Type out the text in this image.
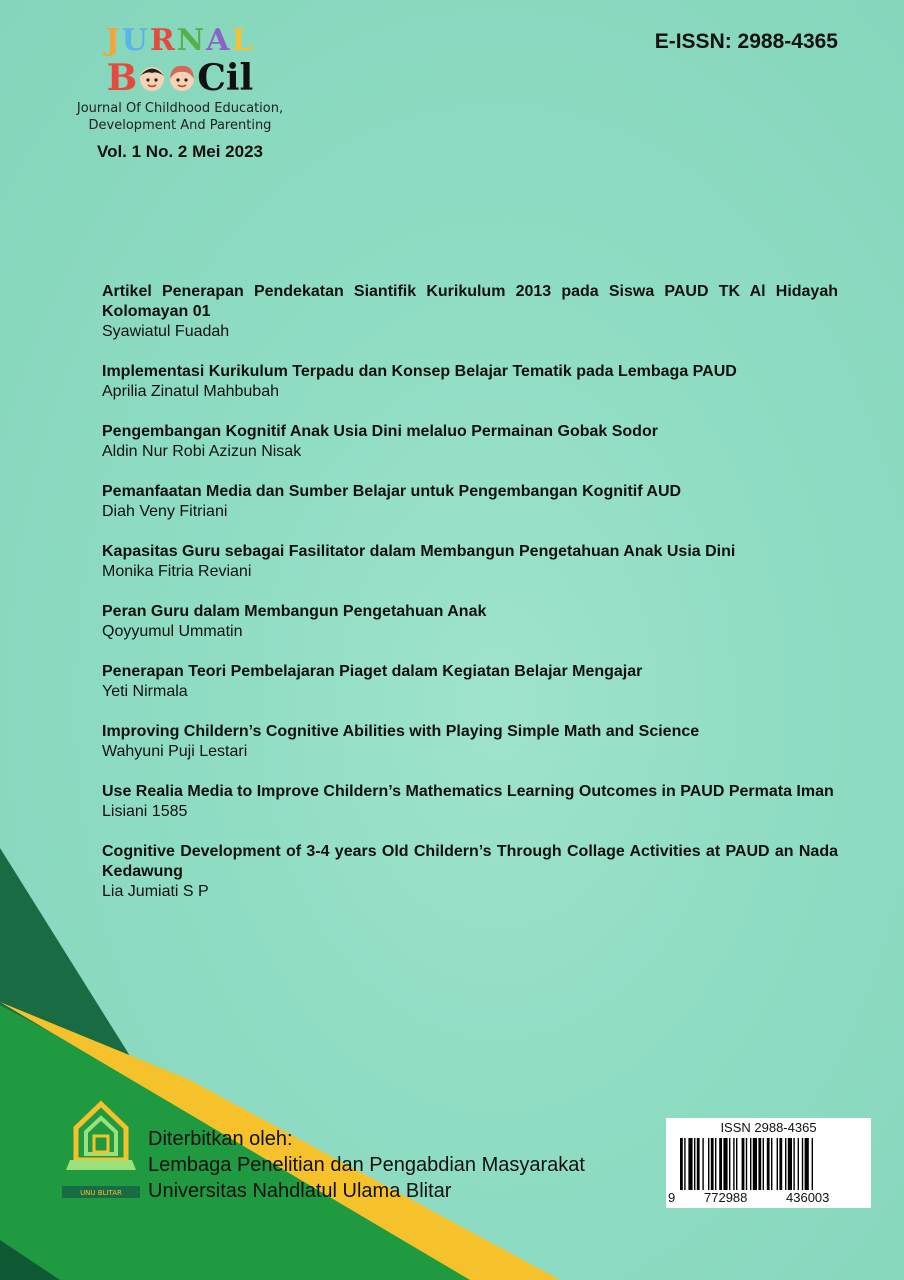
JURNAL
B Cil
Journal Of Childhood Education,
Development And Parenting
Vol. 1 No. 2 Mei 2023
E-ISSN: 2988-4365
Artikel Penerapan Pendekatan Siantifik Kurikulum 2013 pada Siswa PAUD TK Al Hidayah Kolomayan 01
Syawiatul Fuadah
Implementasi Kurikulum Terpadu dan Konsep Belajar Tematik pada Lembaga PAUD
Aprilia Zinatul Mahbubah
Pengembangan Kognitif Anak Usia Dini melaluo Permainan Gobak Sodor
Aldin Nur Robi Azizun Nisak
Pemanfaatan Media dan Sumber Belajar untuk Pengembangan Kognitif AUD
Diah Veny Fitriani
Kapasitas Guru sebagai Fasilitator dalam Membangun Pengetahuan Anak Usia Dini
Monika Fitria Reviani
Peran Guru dalam Membangun Pengetahuan Anak
Qoyyumul Ummatin
Penerapan Teori Pembelajaran Piaget dalam Kegiatan Belajar Mengajar
Yeti Nirmala
Improving Childern’s Cognitive Abilities with Playing Simple Math and Science
Wahyuni Puji Lestari
Use Realia Media to Improve Childern’s Mathematics Learning Outcomes in PAUD Permata Iman
Lisiani 1585
Cognitive Development of 3-4 years Old Childern’s Through Collage Activities at PAUD an Nada Kedawung
Lia Jumiati S P
UNU BLITAR
Diterbitkan oleh:
Lembaga Penelitian dan Pengabdian Masyarakat
Universitas Nahdlatul Ulama Blitar
ISSN 2988-4365
9 772988	436003
